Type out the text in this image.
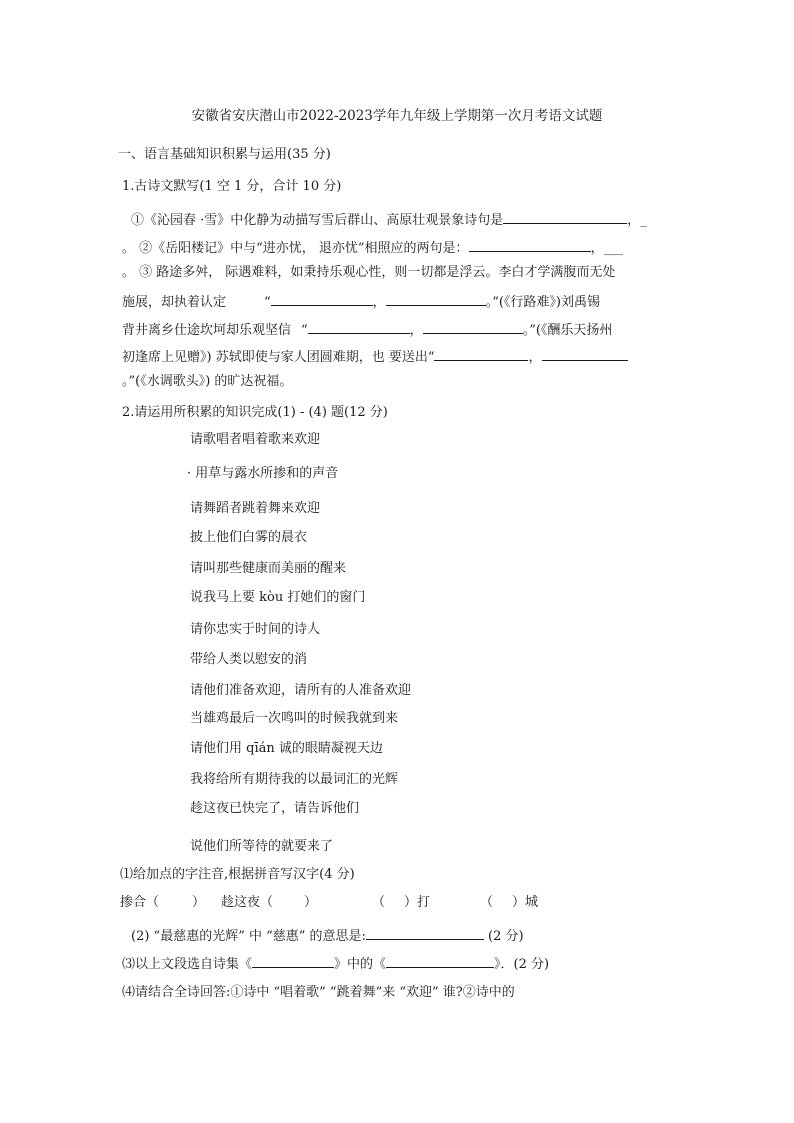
安徽省安庆潜山市2022-2023学年九年级上学期第一次月考语文试题
一、语言基础知识积累与运用(35 分)
1.古诗文默写(1 空 1 分，合计 10 分)
①《沁园春 ·雪》中化静为动描写雪后群山、高原壮观景象诗句是	，_
。 ②《岳阳楼记》中与“进亦忧， 退亦忧”相照应的两句是：	，___
。 ③ 路途多舛， 际遇难料，如秉持乐观心性，则一切都是浮云。李白才学满腹而无处
施展，却执着认定	“	，	。”(《行路难》)刘禹锡
背井离乡仕途坎坷却乐观坚信 “	，	。”(《酬乐天扬州
初逢席上见赠》) 苏轼即使与家人团圆难期，也 要送出“	，
。”(《水调歌头》) 的旷达祝福。
2.请运用所积累的知识完成(1) - (4) 题(12 分)
请歌唱者唱着歌来欢迎
· 用草与露水所掺和的声音
请舞蹈者跳着舞来欢迎
披上他们白雾的晨衣
请叫那些健康而美丽的醒来
说我马上要 kòu 打她们的窗门
请你忠实于时间的诗人
带给人类以慰安的消
请他们准备欢迎，请所有的人准备欢迎
当雄鸡最后一次鸣叫的时候我就到来
请他们用 qīán 诚的眼睛凝视天边
我将给所有期待我的以最词汇的光辉
趁这夜已快完了，请告诉他们
说他们所等待的就要来了
⑴给加点的字注音,根据拼音写汉字(4 分)
掺合（	） 趁这夜（ ）	（ ）打	（ ）城
(2) “最慈惠的光辉” 中 “慈惠” 的意思是:	(2 分)
⑶以上文段选自诗集《	》中的《	》．(2 分)
⑷请结合全诗回答:①诗中 “唱着歌” “跳着舞”来 “欢迎” 谁?②诗中的
